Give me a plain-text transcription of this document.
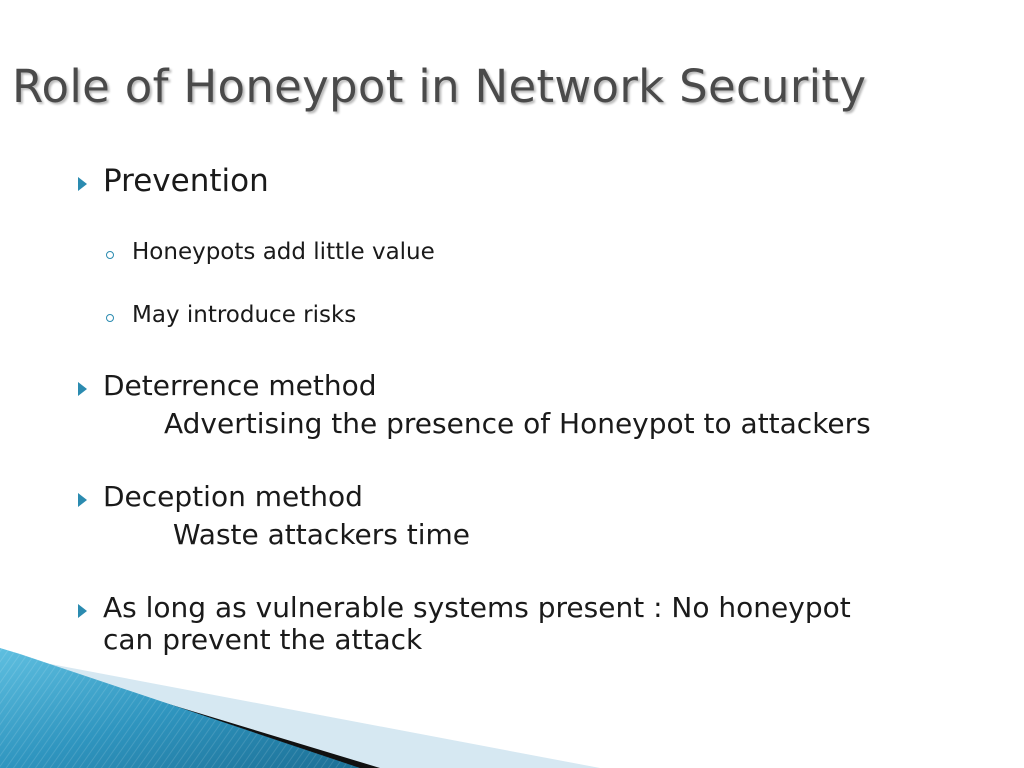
Role of Honeypot in Network Security
Prevention
Honeypots add little value
May introduce risks
Deterrence method
Advertising the presence of Honeypot to attackers
Deception method
Waste attackers time
As long as vulnerable systems present : No honeypot
can prevent the attack
